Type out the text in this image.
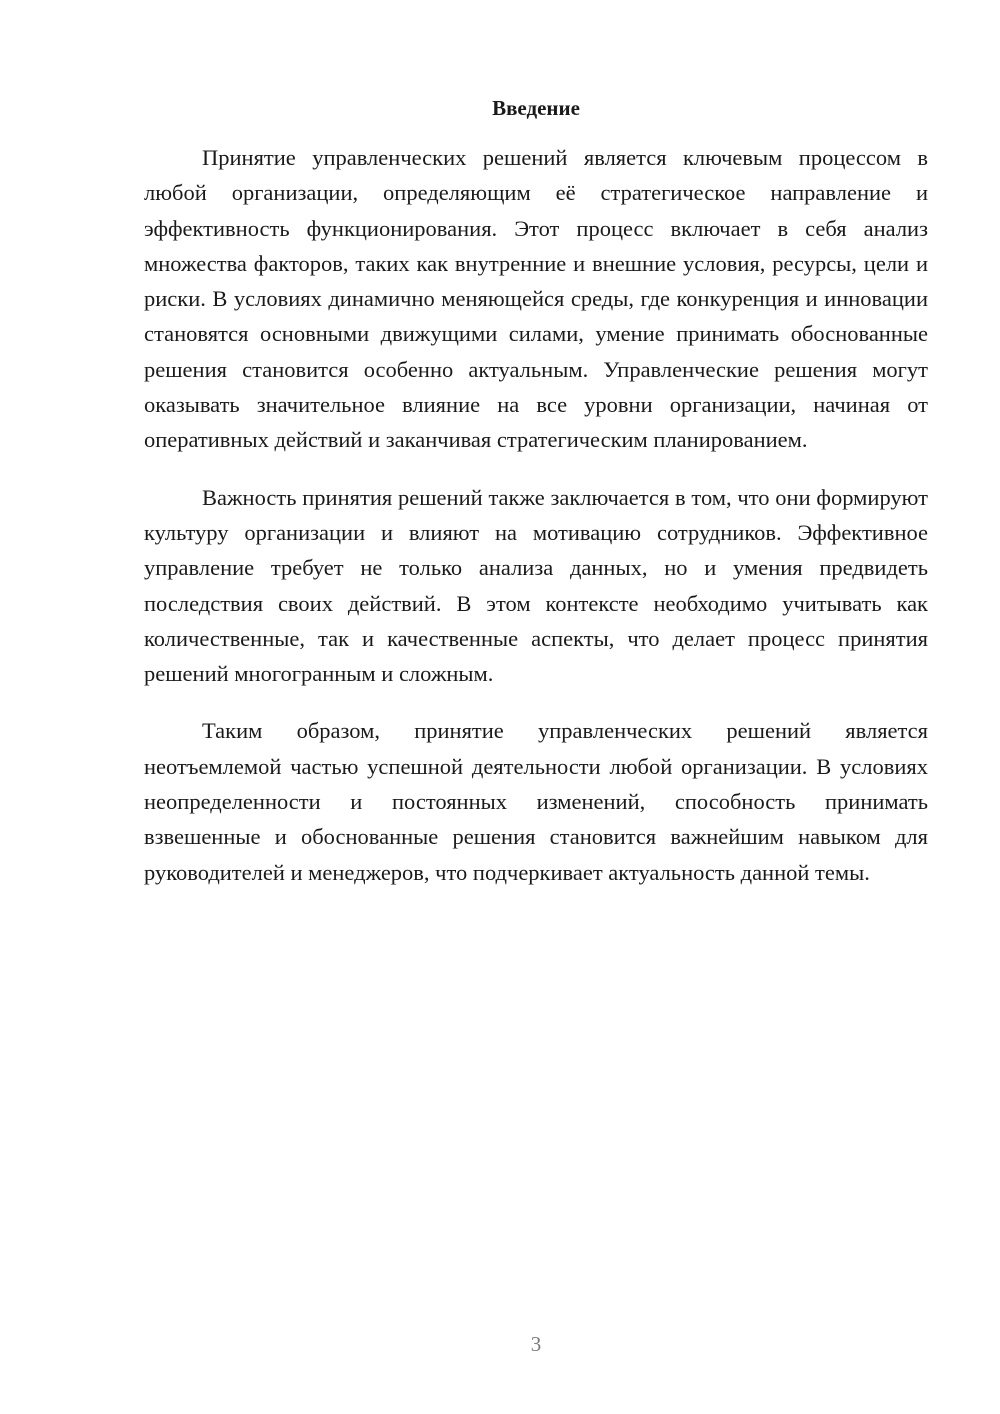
Введение

Принятие управленческих решений является ключевым процессом в любой организации, определяющим её стратегическое направление и эффективность функционирования. Этот процесс включает в себя анализ множества факторов, таких как внутренние и внешние условия, ресурсы, цели и риски. В условиях динамично меняющейся среды, где конкуренция и инновации становятся основными движущими силами, умение принимать обоснованные решения становится особенно актуальным. Управленческие решения могут оказывать значительное влияние на все уровни организации, начиная от оперативных действий и заканчивая стратегическим планированием.

Важность принятия решений также заключается в том, что они формируют культуру организации и влияют на мотивацию сотрудников. Эффективное управление требует не только анализа данных, но и умения предвидеть последствия своих действий. В этом контексте необходимо учитывать как количественные, так и качественные аспекты, что делает процесс принятия решений многогранным и сложным.

Таким образом, принятие управленческих решений является неотъемлемой частью успешной деятельности любой организации. В условиях неопределенности и постоянных изменений, способность принимать взвешенные и обоснованные решения становится важнейшим навыком для руководителей и менеджеров, что подчеркивает актуальность данной темы.

3
